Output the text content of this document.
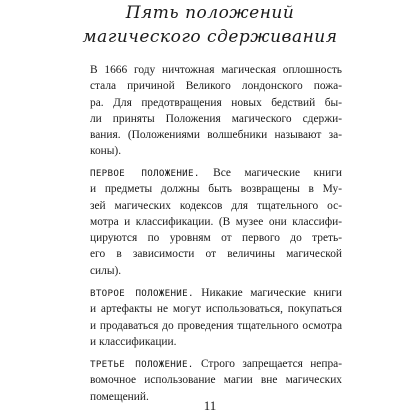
Пять положений
магического сдерживания
В 1666 году ничтожная магическая оплошность
стала причиной Великого лондонского пожа-
ра. Для предотвращения новых бедствий бы-
ли приняты Положения магического сдержи-
вания. (Положениями волшебники называют за-
коны).
ПЕРВОЕ ПОЛОЖЕНИЕ. Все магические книги
и предметы должны быть возвращены в Му-
зей магических кодексов для тщательного ос-
мотра и классификации. (В музее они классифи-
цируются по уровням от первого до треть-
его в зависимости от величины магической
силы).
ВТОРОЕ ПОЛОЖЕНИЕ. Никакие магические книги
и артефакты не могут использоваться, покупаться
и продаваться до проведения тщательного осмотра
и классификации.
ТРЕТЬЕ ПОЛОЖЕНИЕ. Строго запрещается непра-
вомочное использование магии вне магических
помещений.
11
